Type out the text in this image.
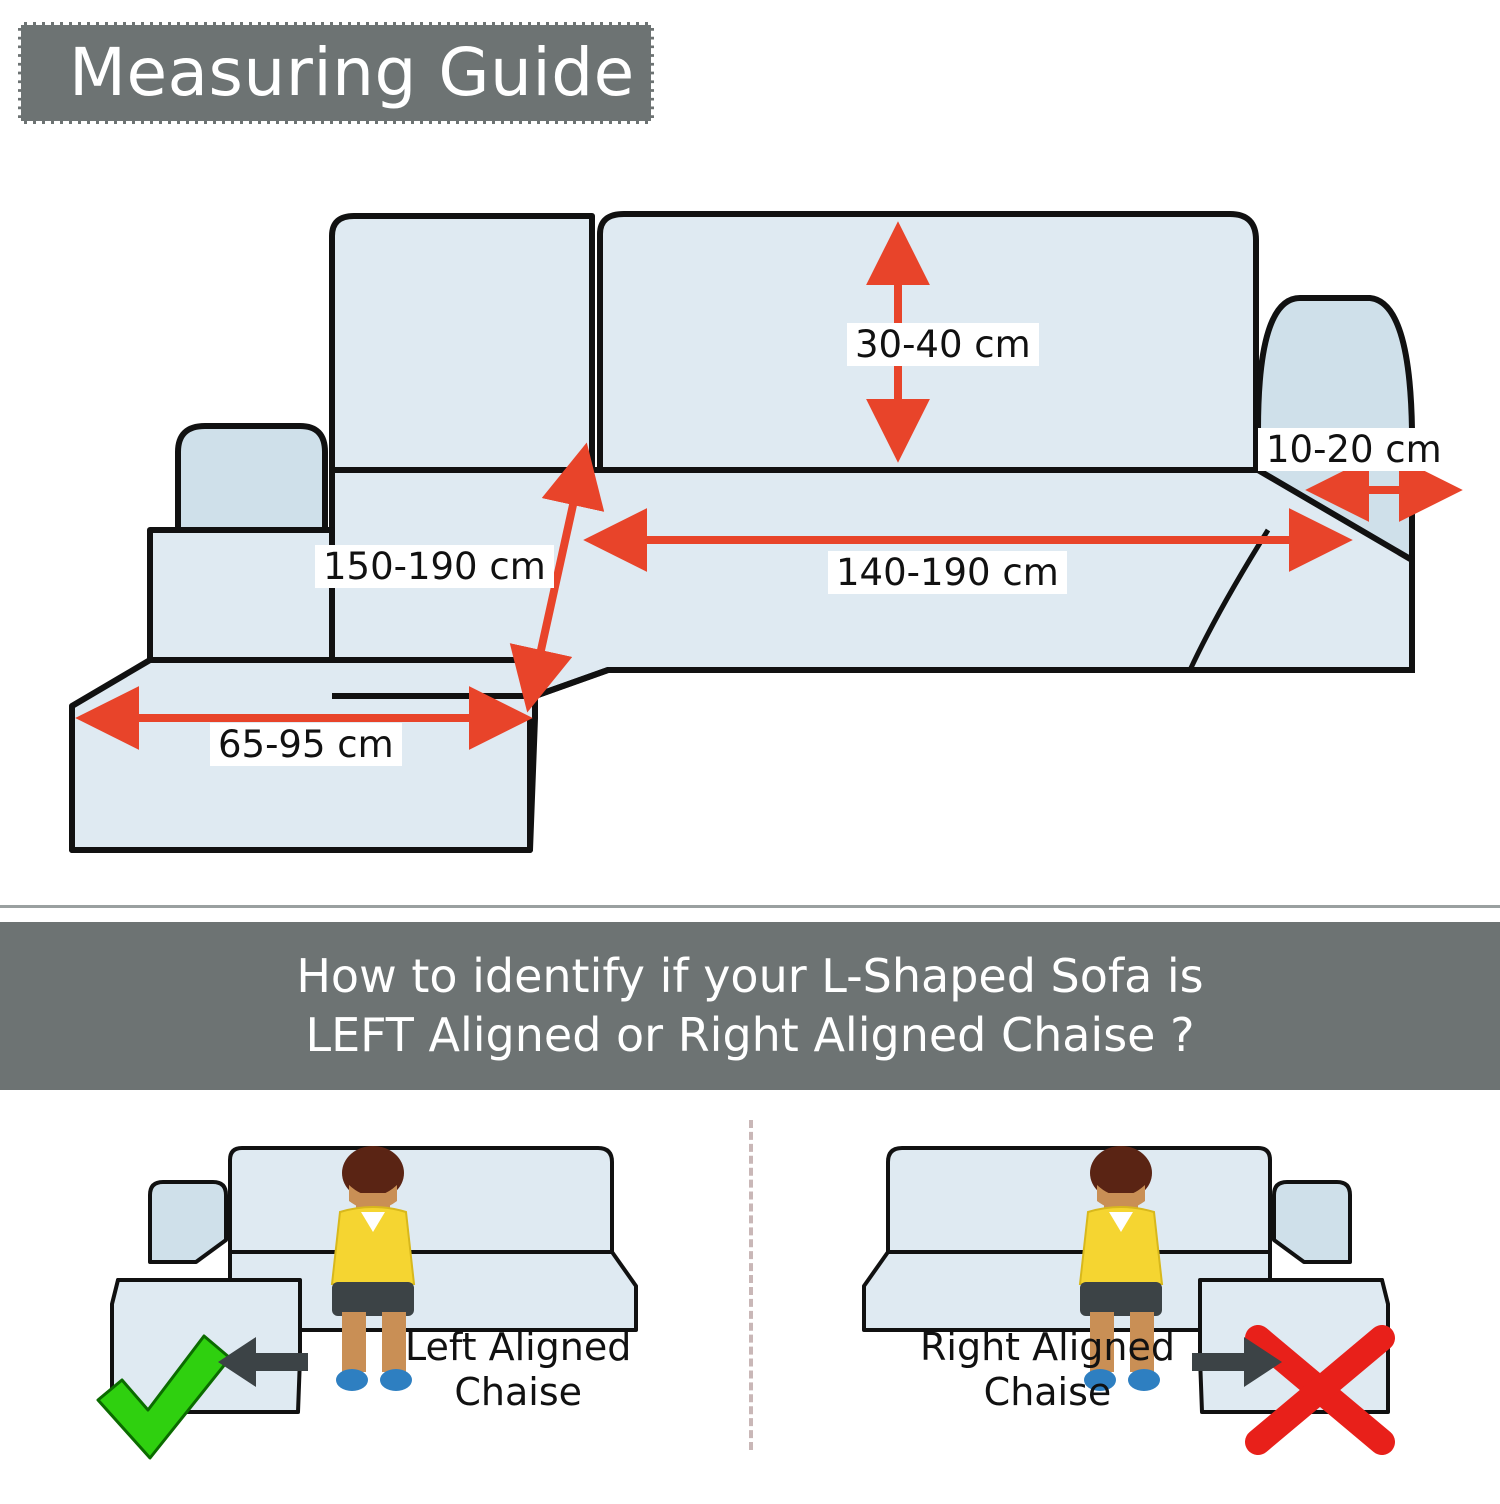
Measuring Guide
30-40 cm
10-20 cm
150-190 cm	140-190 cm
65-95 cm
How to identify if your L-Shaped Sofa is
LEFT Aligned or Right Aligned Chaise ?
Left Aligned
Chaise
Right Aligned
Chaise
